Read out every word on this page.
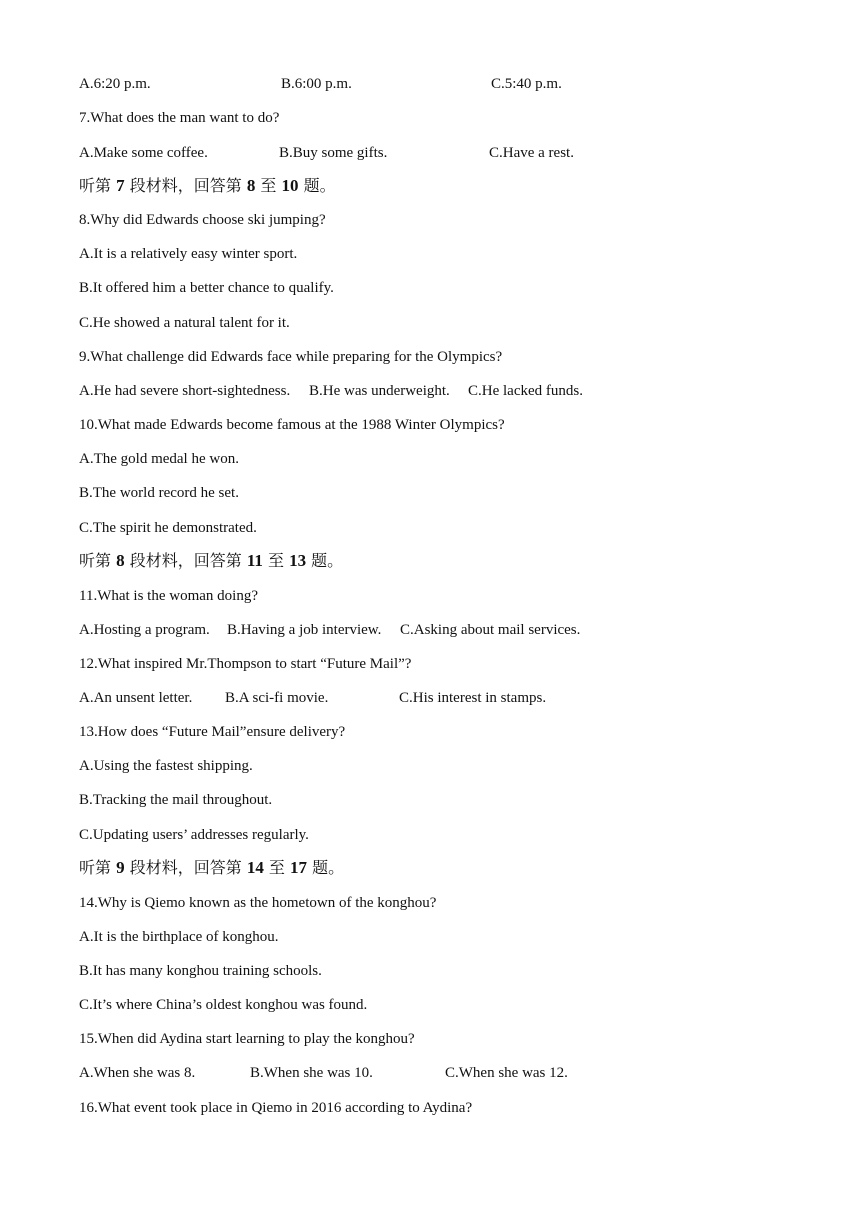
A.6:20 p.m.	B.6:00 p.m.	C.5:40 p.m.
7.What does the man want to do?
A.Make some coffee.	B.Buy some gifts.	C.Have a rest.
听第 7 段材料，回答第 8 至 10 题。
8.Why did Edwards choose ski jumping?
A.It is a relatively easy winter sport.
B.It offered him a better chance to qualify.
C.He showed a natural talent for it.
9.What challenge did Edwards face while preparing for the Olympics?
A.He had severe short-sightedness. B.He was underweight. C.He lacked funds.
10.What made Edwards become famous at the 1988 Winter Olympics?
A.The gold medal he won.
B.The world record he set.
C.The spirit he demonstrated.
听第 8 段材料，回答第 11 至 13 题。
11.What is the woman doing?
A.Hosting a program. B.Having a job interview. C.Asking about mail services.
12.What inspired Mr.Thompson to start “Future Mail”?
A.An unsent letter. B.A sci-fi movie.	C.His interest in stamps.
13.How does “Future Mail”ensure delivery?
A.Using the fastest shipping.
B.Tracking the mail throughout.
C.Updating users’ addresses regularly.
听第 9 段材料，回答第 14 至 17 题。
14.Why is Qiemo known as the hometown of the konghou?
A.It is the birthplace of konghou.
B.It has many konghou training schools.
C.It’s where China’s oldest konghou was found.
15.When did Aydina start learning to play the konghou?
A.When she was 8.	B.When she was 10.	C.When she was 12.
16.What event took place in Qiemo in 2016 according to Aydina?
